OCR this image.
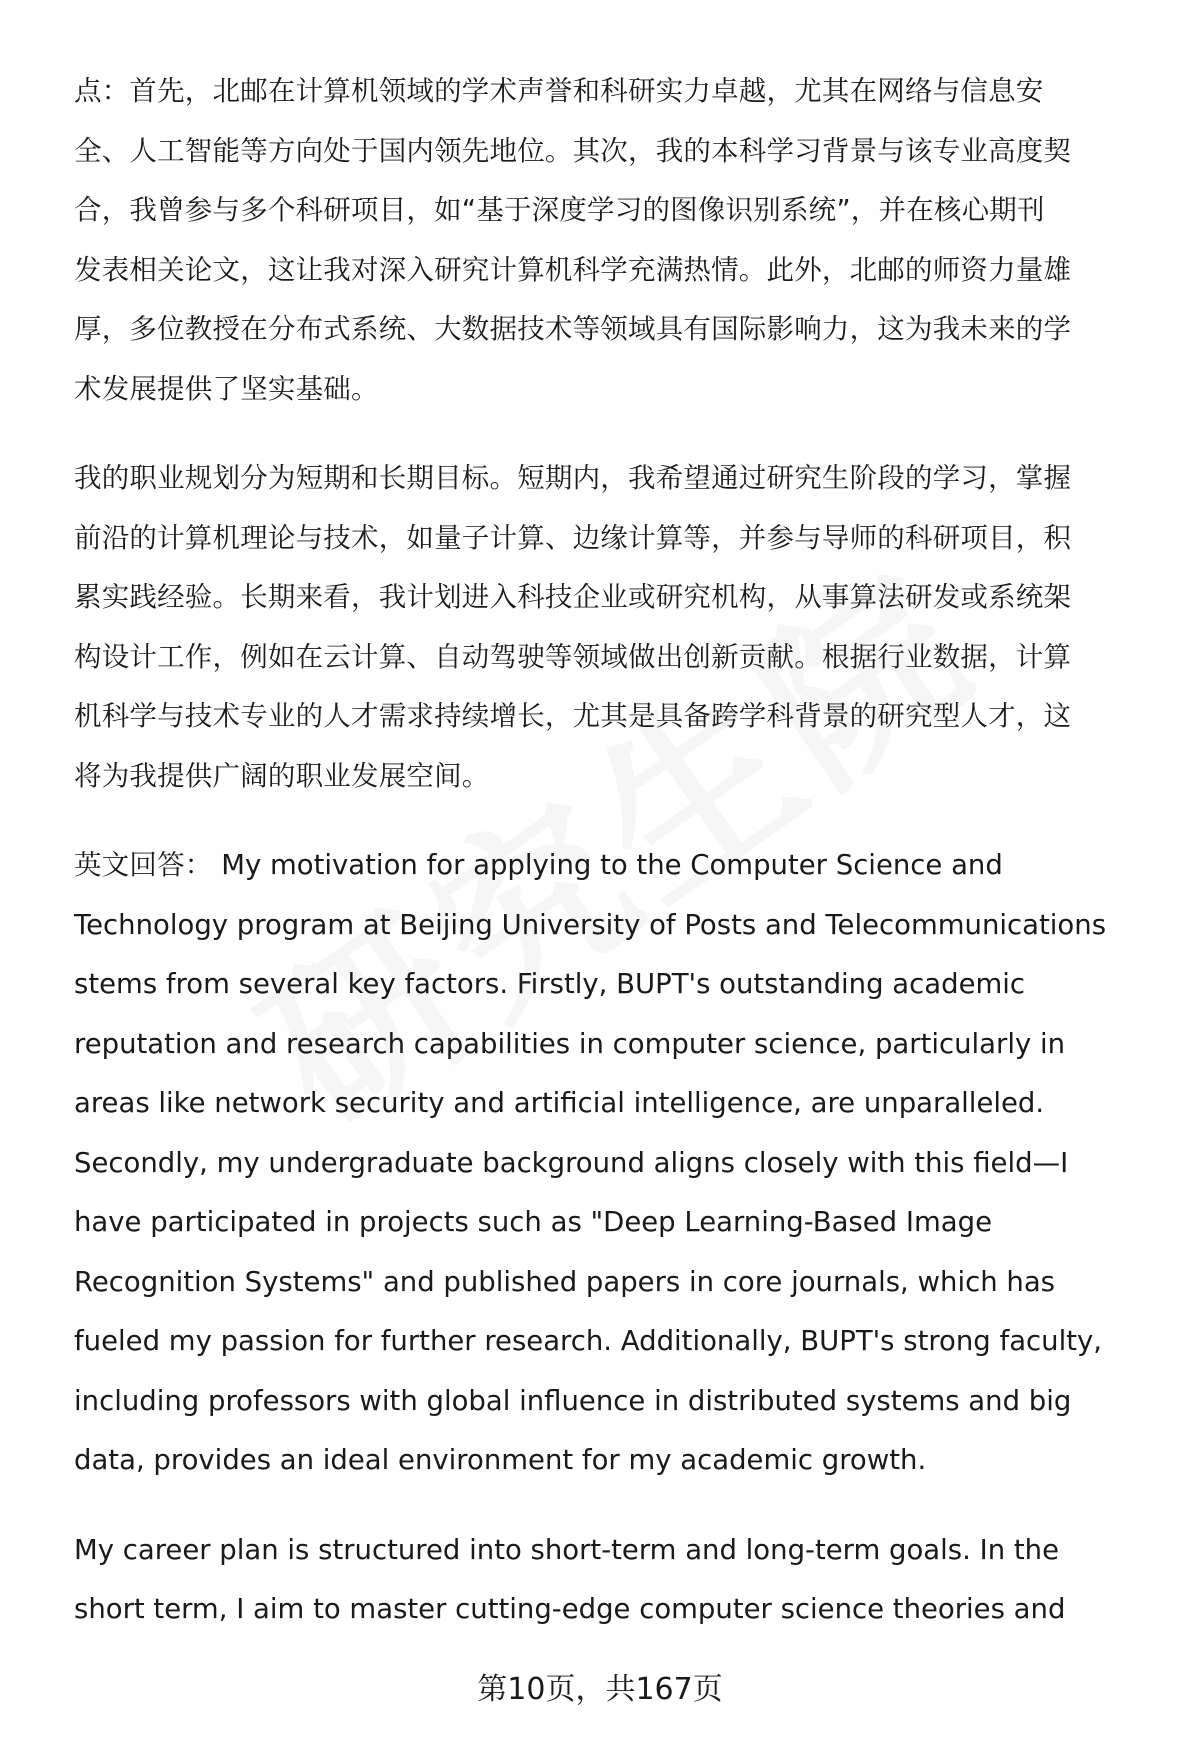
点：首先，北邮在计算机领域的学术声誉和科研实力卓越，尤其在网络与信息安
全、人工智能等方向处于国内领先地位。其次，我的本科学习背景与该专业高度契
合，我曾参与多个科研项目，如“基于深度学习的图像识别系统”，并在核心期刊
发表相关论文，这让我对深入研究计算机科学充满热情。此外，北邮的师资力量雄
厚，多位教授在分布式系统、大数据技术等领域具有国际影响力，这为我未来的学
术发展提供了坚实基础。

我的职业规划分为短期和长期目标。短期内，我希望通过研究生阶段的学习，掌握
前沿的计算机理论与技术，如量子计算、边缘计算等，并参与导师的科研项目，积
累实践经验。长期来看，我计划进入科技企业或研究机构，从事算法研发或系统架
构设计工作，例如在云计算、自动驾驶等领域做出创新贡献。根据行业数据，计算
机科学与技术专业的人才需求持续增长，尤其是具备跨学科背景的研究型人才，这
将为我提供广阔的职业发展空间。

英文回答： My motivation for applying to the Computer Science and
Technology program at Beijing University of Posts and Telecommunications
stems from several key factors. Firstly, BUPT's outstanding academic
reputation and research capabilities in computer science, particularly in
areas like network security and artificial intelligence, are unparalleled.
Secondly, my undergraduate background aligns closely with this field—I
have participated in projects such as "Deep Learning-Based Image
Recognition Systems" and published papers in core journals, which has
fueled my passion for further research. Additionally, BUPT's strong faculty,
including professors with global influence in distributed systems and big
data, provides an ideal environment for my academic growth.

My career plan is structured into short-term and long-term goals. In the
short term, I aim to master cutting-edge computer science theories and

第10页，共167页
